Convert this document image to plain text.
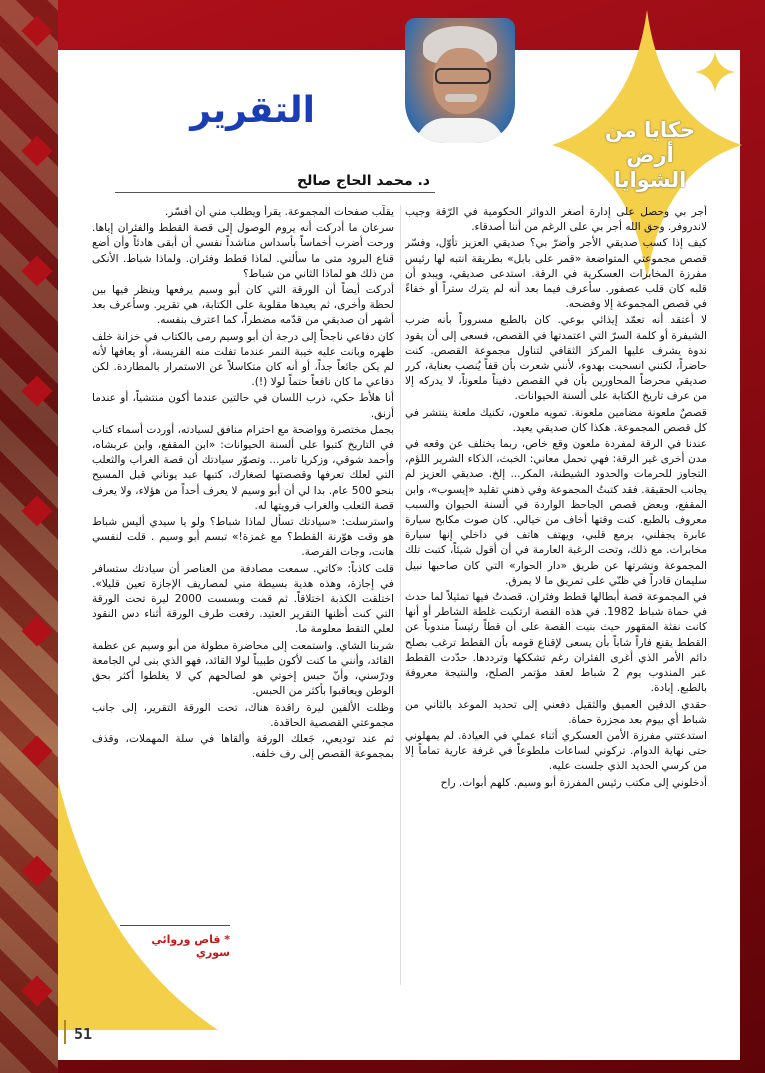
حكايا من أرض الشوايا
التقرير
د. محمد الحاج صالح

أجر بي وحصل على إدارة أصغر الدوائر الحكومية في الرّقة وجيب لاندروفر. وحق الله أجر بي على الرغم من أننا أصدقاء.

كيف إذا كسب صديقي الأجر وأضرّ بي؟ صديقي العزيز تأوّل، وفسّر قصص مجموعتي المتواضعة «قمر على بابل» بطريقة انتبه لها رئيس مفرزة المخابرات العسكرية في الرقة. استدعى صديقي، ويبدو أن قلبه كان قلب عصفور. سأعرف فيما بعد أنه لم يترك ستراً أو خفاءً في قصص المجموعة إلا وفضحه.

لا أعتقد أنه تعمّد إيذائي بوعي. كان بالطبع مسروراً بأنه ضرب الشيفرة أو كلمة السرّ التي اعتمدتها في القصص، فسعى إلى أن يقود ندوة يشرف عليها المركز الثقافي لتناول مجموعة القصص. كنت حاضراً، لكنني انسحبت بهدوء، لأنني شعرت بأن قفاً يُنصب بعناية، كرر صديقي محرضاً المحاورين بأن في القصص دفيناً ملعوناً، لا يدركه إلا من عرف تاريخ الكتابة على ألسنة الحيوانات.

قصصٌ ملعونة مضامين ملعونة. تمويه ملعون، تكنيك ملعنة ينتشر في كل قصص المجموعة. هكذا كان صديقي يعيد.

عندنا في الرقة لمفردة ملعون وقع خاص، ربما يختلف عن وقعه في مدن أخرى غير الرقة: فهي تحمل معاني: الخبث، الذكاء الشرير اللؤم، التجاوز للحرمات والحدود الشيطنة، المكر... إلخ. صديقي العزيز لم يجانب الحقيقة. فقد كتبتُ المجموعة وفي ذهني تقليد «إيسوب»، وابن المقفع، وبعض قصص الجاحظ الواردة في ألسنة الحيوان والسبب معروف بالطبع. كنت وقتها أخاف من خيالي. كان صوت مكابح سيارة عابرة يجفلني، يرمع قلبي، ويهتف هاتف في داخلي إنها سيارة مخابرات. مع ذلك، وتحت الرغبة العارمة في أن أقول شيئاً، كتبت تلك المجموعة ونشرتها عن طريق «دار الحوار» التي كان صاحبها نبيل سليمان قادراً في ظنّي على تمريق ما لا يمرق.

في المجموعة قصة أبطالها قطط وفئران. قصدتُ فيها تمثيلاً لما حدث في حماة شباط 1982. في هذه القصة ارتكبت غلطة الشاطر أو أنها كانت نفثة المقهور حيث بنيت القصة على أن قطاً رئيساً مندوباً عن القطط يقنع فاراً شاباً بأن يسعى لإقناع قومه بأن القطط ترغب بصلح دائم الأمر الذي أغرى الفئران رغم تشككها وترددها. حدّدت القطط عبر المندوب يوم 2 شباط لعقد مؤتمر الصلح، والنتيجة معروفة بالطبع. إبادة.

حقدي الدفين العميق والثقيل دفعني إلى تحديد الموعد بالثاني من شباط أي بيوم بعد مجزرة حماة.

استدعتني مفرزة الأمن العسكري أثناء عملي في العيادة. لم يمهلوني حتى نهاية الدوام. تركوني لساعات ملطوعاً في غرفة عارية تماماً إلا من كرسي الحديد الذي جلست عليه.

أدخلوني إلى مكتب رئيس المفرزة أبو وسيم. كلهم أبوات. راح

يقلّب صفحات المجموعة. يقرأ ويطلب مني أن أفسّر.

سرعان ما أدركت أنه يروم الوصول إلى قصة القطط والفئران إياها. ورحت أضرب أخماساً بأسداس مناشداً نفسي أن أبقى هادئاً وأن أضع قناع البرود متى ما سألني. لماذا قطط وفئران. ولماذا شباط. الأنكى من ذلك هو لماذا الثاني من شباط؟

أدركت أيضاً أن الورقة التي كان أبو وسيم يرفعها وينظر فيها بين لحظة وأخرى، ثم يعيدها مقلوبة على الكتابة، هي تقرير. وسأعرف بعد أشهر أن صديقي من قدّمه مضطراً، كما اعترف بنفسه.

كان دفاعي ناجحاً إلى درجة أن أبو وسيم رمى بالكتاب في خزانة خلف ظهره وبانت عليه خيبة النمر عندما تفلت منه الفريسة، أو يعافها لأنه لم يكن جائعاً جداً، أو أنه كان متكاسلاً عن الاستمرار بالمطاردة. لكن دفاعي ما كان نافعاً حتماً لولا (!).

أنا هلأط حكي، ذرب اللسان في حالتين عندما أكون منتشياً، أو عندما أزنق.

بجمل مختصرة وواضحة مع احترام منافق لسيادته، أوردت أسماء كتاب في التاريخ كتبوا على ألسنة الحيوانات: «ابن المقفع، وابن عربشاه، وأحمد شوقي، وزكريا تامر... وتصوّر سيادتك أن قصة الغراب والثعلب التي لعلك تعرفها وقصصتها لصغارك، كتبها عبد يوناني قبل المسيح بنحو 500 عام. بدا لي أن أبو وسيم لا يعرف أحداً من هؤلاء، ولا يعرف قصة الثعلب والغراب فرويتها له.

واسترسلت: «سيادتك تسأل لماذا شباط؟ ولو يا سيدي أليس شباط هو وقت هوّرنة القطط؟ مع غمزة!» تبسم أبو وسيم . قلت لنفسي هانت، وجات الفرصة.

قلت كاذباً: «كاتي. سمعت مصادفة من العناصر أن سيادتك ستسافر في إجازة، وهذه هدية بسيطة مني لمصاريف الإجازة تعين قليلا». اختلقت الكذبة اختلاقاً. ثم قمت وبسست 2000 ليرة تحت الورقة التي كنت أظنها التقرير العتيد. رفعت طرف الورقة أثناء دس النقود لعلي التقط معلومة ما.

شربنا الشاي. واستمعت إلى محاضرة مطولة من أبو وسيم عن عظمة القائد، وأنني ما كنت لأكون طبيباً لولا القائد، فهو الذي بنى لي الجامعة ودرّسني، وأنّ حبس إخوتي هو لصالحهم كي لا يغلطوا أكثر بحق الوطن ويعاقبوا بأكثر من الحبس.

وظلت الألفين ليرة راقدة هناك، تحت الورقة التقرير، إلى جانب مجموعتي القصصية الحاقدة.

ثم عند توديعي، جَعلك الورقة وألقاها في سلة المهملات، وقذف بمجموعة القصص إلى رف خلفه.

* قاص وروائي سوري
51
